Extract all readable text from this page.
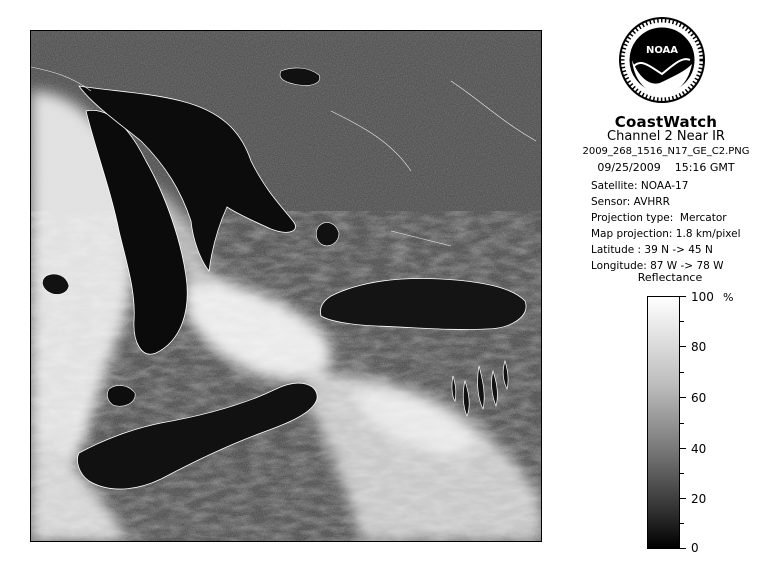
NOAA
CoastWatch
Channel 2 Near IR
2009_268_1516_N17_GE_C2.PNG
09/25/2009    15:16 GMT
Satellite: NOAA-17
Sensor: AVHRR
Projection type:  Mercator
Map projection: 1.8 km/pixel
Latitude : 39 N -> 45 N
Longitude: 87 W -> 78 W
Reflectance
%
100
80
60
40
20
0
